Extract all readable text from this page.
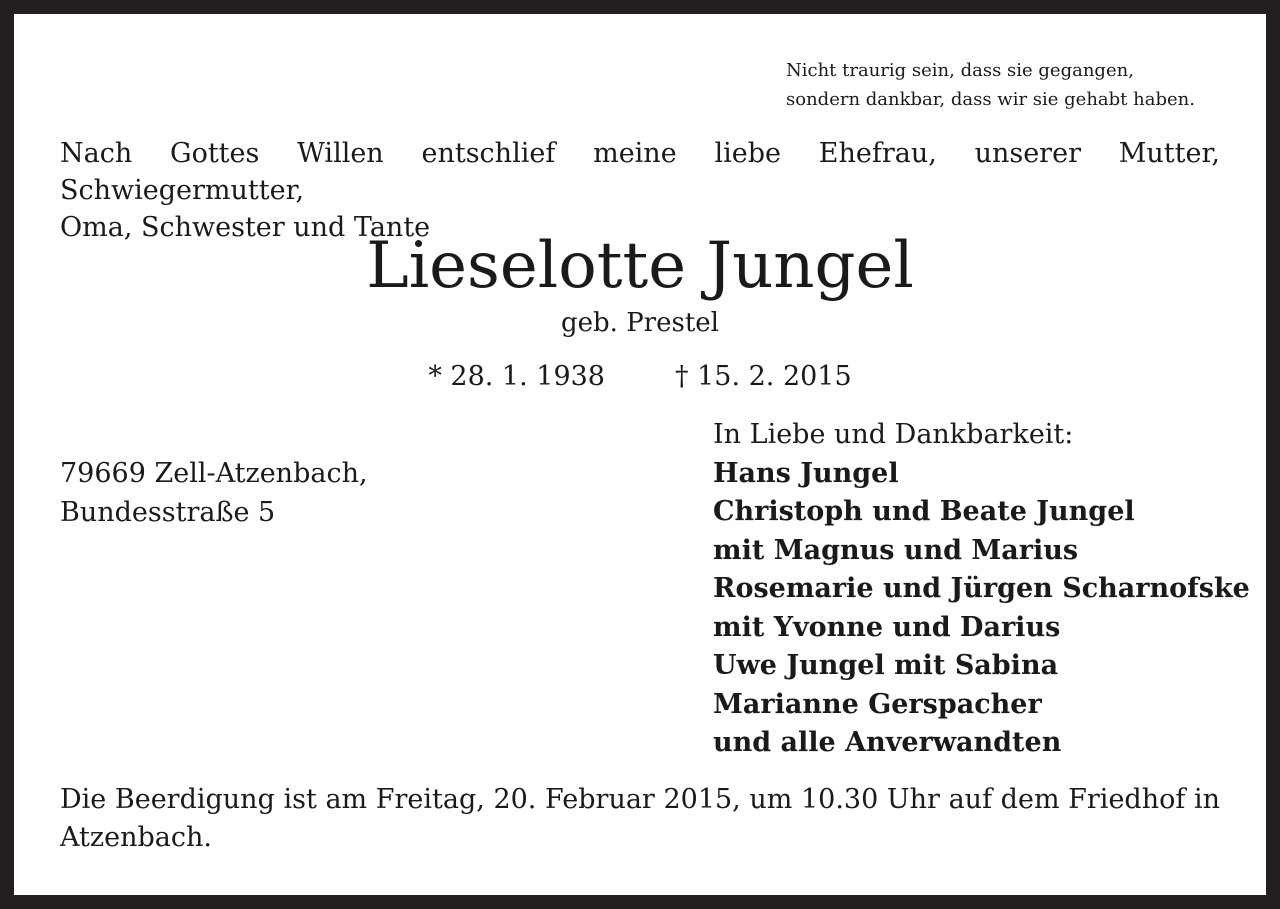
Nicht traurig sein, dass sie gegangen,
sondern dankbar, dass wir sie gehabt haben.
Nach Gottes Willen entschlief meine liebe Ehefrau, unserer Mutter, Schwiegermutter,
Oma, Schwester und Tante
Lieselotte Jungel
geb. Prestel
* 28. 1. 1938	† 15. 2. 2015
79669 Zell-Atzenbach,
Bundesstraße 5
In Liebe und Dankbarkeit:
Hans Jungel
Christoph und Beate Jungel
mit Magnus und Marius
Rosemarie und Jürgen Scharnofske
mit Yvonne und Darius
Uwe Jungel mit Sabina
Marianne Gerspacher
und alle Anverwandten
Die Beerdigung ist am Freitag, 20. Februar 2015, um 10.30 Uhr auf dem Friedhof in
Atzenbach.
